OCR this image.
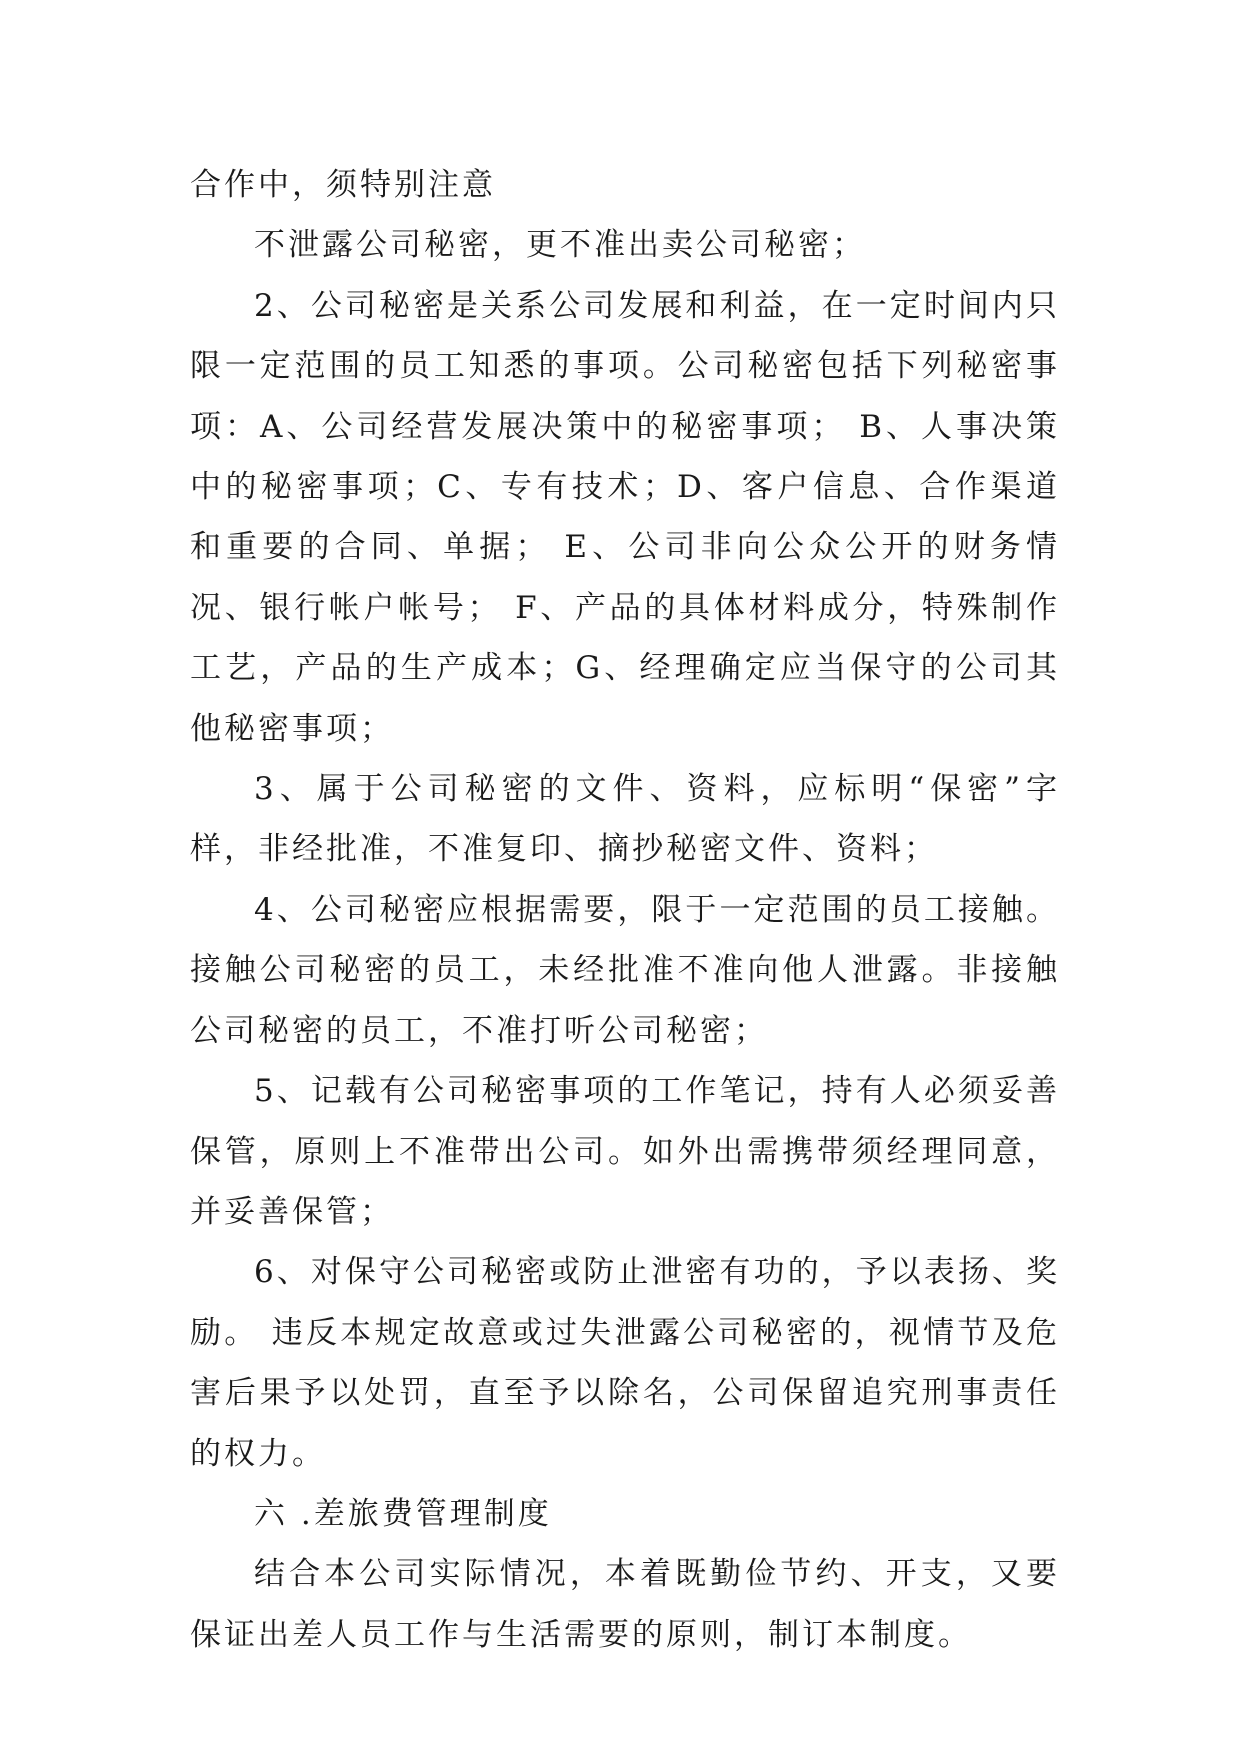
合作中，须特别注意

不泄露公司秘密，更不准出卖公司秘密；

2、公司秘密是关系公司发展和利益，在一定时间内只限一定范围的员工知悉的事项。公司秘密包括下列秘密事项：A、公司经营发展决策中的秘密事项； B、人事决策中的秘密事项；C、专有技术；D、客户信息、合作渠道和重要的合同、单据； E、公司非向公众公开的财务情况、银行帐户帐号； F、产品的具体材料成分，特殊制作工艺，产品的生产成本；G、经理确定应当保守的公司其他秘密事项；

3、属于公司秘密的文件、资料，应标明“保密”字样，非经批准，不准复印、摘抄秘密文件、资料；

4、公司秘密应根据需要，限于一定范围的员工接触。接触公司秘密的员工，未经批准不准向他人泄露。非接触公司秘密的员工，不准打听公司秘密；

5、记载有公司秘密事项的工作笔记，持有人必须妥善保管，原则上不准带出公司。如外出需携带须经理同意，并妥善保管；

6、对保守公司秘密或防止泄密有功的，予以表扬、奖励。 违反本规定故意或过失泄露公司秘密的，视情节及危害后果予以处罚，直至予以除名，公司保留追究刑事责任的权力。

六 .差旅费管理制度

结合本公司实际情况，本着既勤俭节约、开支，又要保证出差人员工作与生活需要的原则，制订本制度。
